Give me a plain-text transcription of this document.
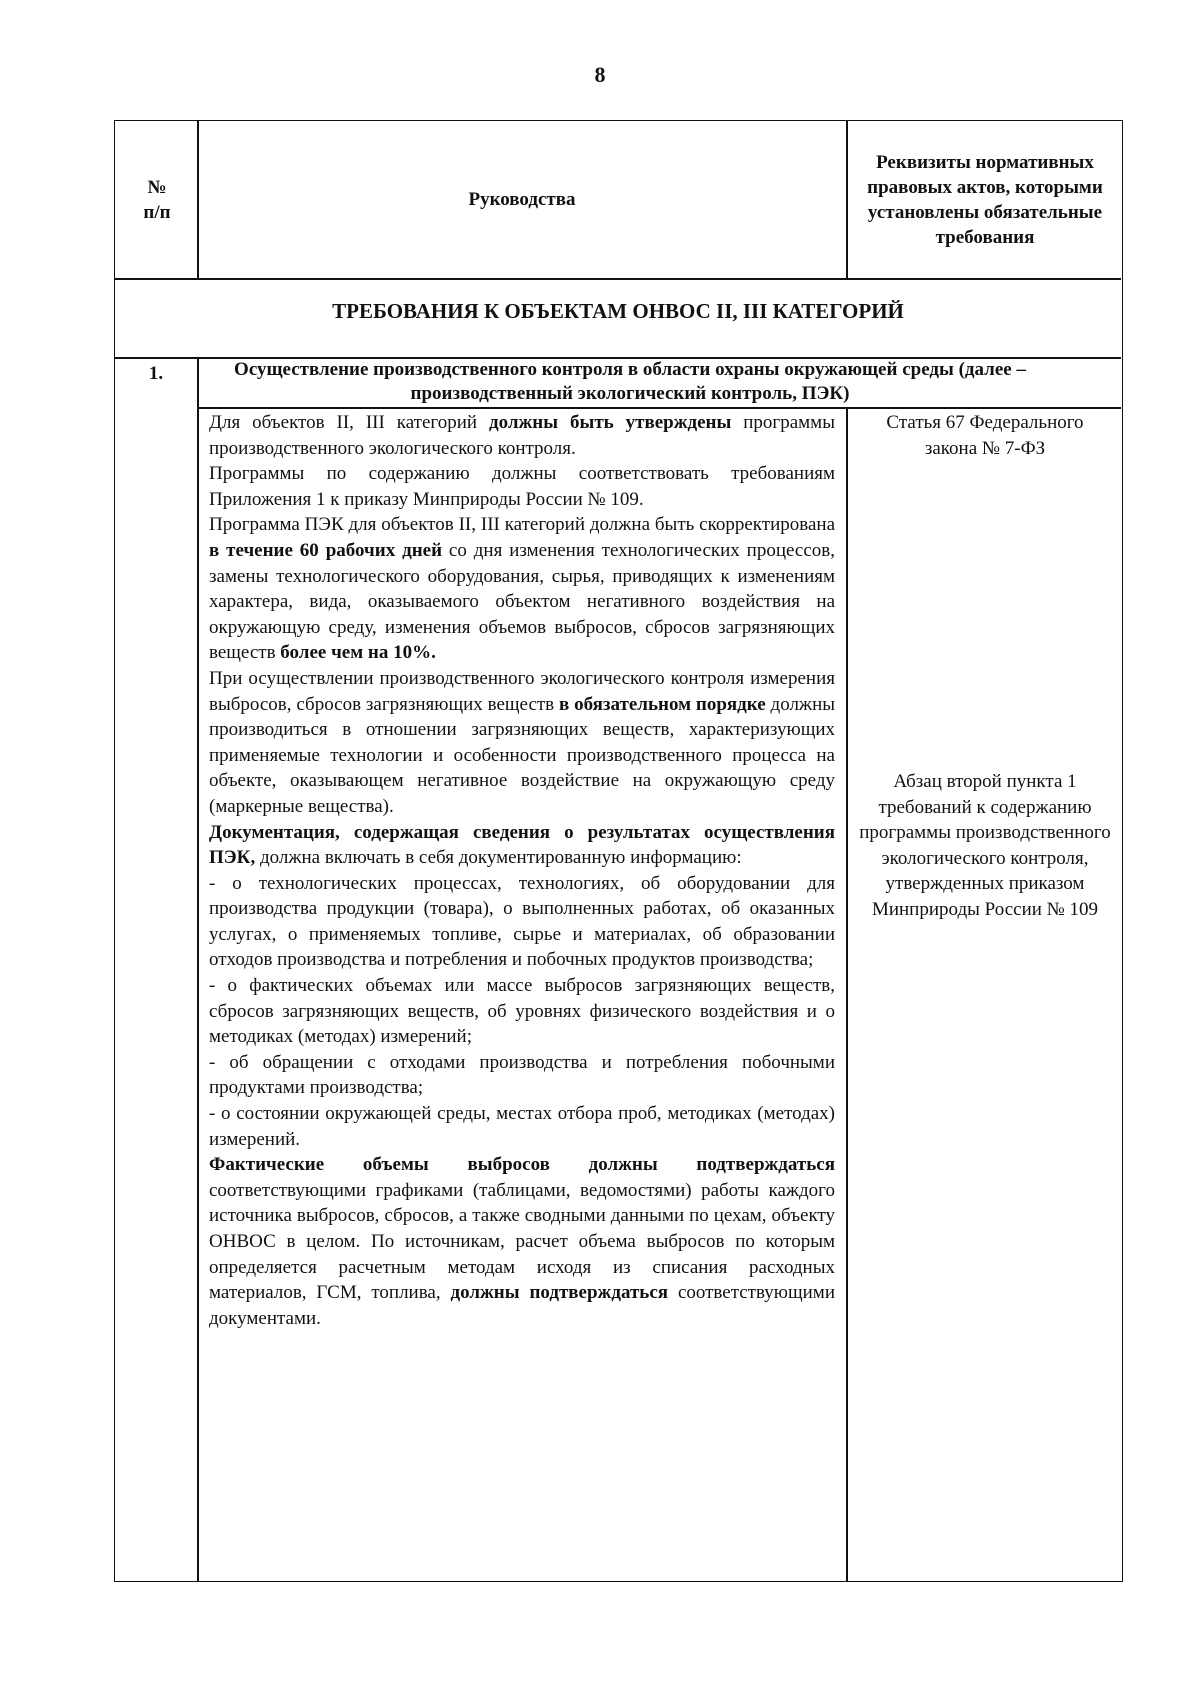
8
№ п/п
Руководства
Реквизиты нормативных правовых актов, которыми установлены обязательные требования
ТРЕБОВАНИЯ К ОБЪЕКТАМ ОНВОС II, III КАТЕГОРИЙ
1.	Осуществление производственного контроля в области охраны окружающей среды (далее – производственный экологический контроль, ПЭК)

Для объектов II, III категорий должны быть утверждены программы производственного экологического контроля.

Программы по содержанию должны соответствовать требованиям Приложения 1 к приказу Минприроды России № 109.

Программа ПЭК для объектов II, III категорий должна быть скорректирована в течение 60 рабочих дней со дня изменения технологических процессов, замены технологического оборудования, сырья, приводящих к изменениям характера, вида, оказываемого объектом негативного воздействия на окружающую среду, изменения объемов выбросов, сбросов загрязняющих веществ более чем на 10%.

При осуществлении производственного экологического контроля измерения выбросов, сбросов загрязняющих веществ в обязательном порядке должны производиться в отношении загрязняющих веществ, характеризующих применяемые технологии и особенности производственного процесса на объекте, оказывающем негативное воздействие на окружающую среду (маркерные вещества).

Документация, содержащая сведения о результатах осуществления ПЭК, должна включать в себя документированную информацию:

- о технологических процессах, технологиях, об оборудовании для производства продукции (товара), о выполненных работах, об оказанных услугах, о применяемых топливе, сырье и материалах, об образовании отходов производства и потребления и побочных продуктов производства;

- о фактических объемах или массе выбросов загрязняющих веществ, сбросов загрязняющих веществ, об уровнях физического воздействия и о методиках (методах) измерений;

- об обращении с отходами производства и потребления побочными продуктами производства;

- о состоянии окружающей среды, местах отбора проб, методиках (методах) измерений.

Фактические объемы выбросов должны подтверждаться соответствующими графиками (таблицами, ведомостями) работы каждого источника выбросов, сбросов, а также сводными данными по цехам, объекту ОНВОС в целом. По источникам, расчет объема выбросов по которым определяется расчетным методам исходя из списания расходных материалов, ГСМ, топлива, должны подтверждаться соответствующими документами.

Статья 67 Федерального закона № 7-ФЗ
Абзац второй пункта 1 требований к содержанию программы производственного экологического контроля, утвержденных приказом Минприроды России № 109
